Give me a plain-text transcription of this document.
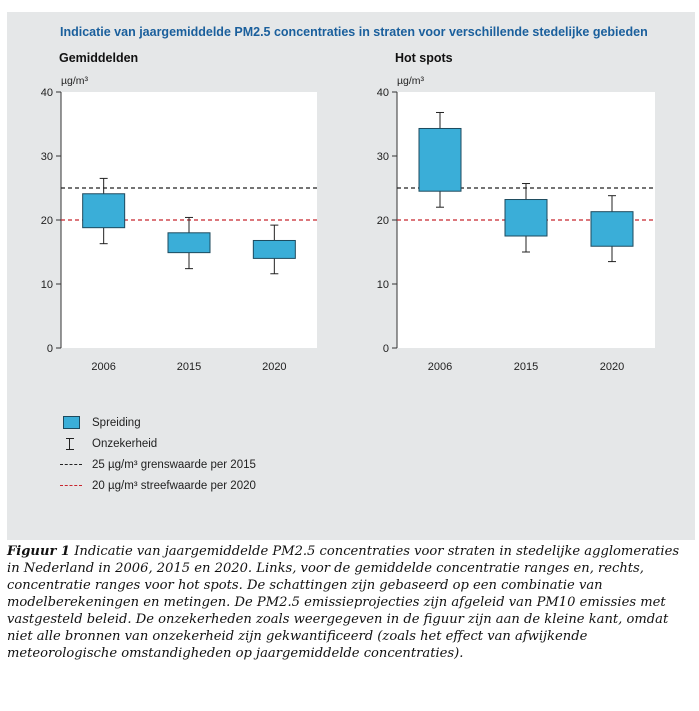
Indicatie van jaargemiddelde PM2.5 concentraties in straten voor verschillende stedelijke gebieden
Gemiddelden
µg/m³
0
10
20
30
40
2006	2015	2020
Hot spots
µg/m³
0
10
20
30
40
2006	2015	2020
Spreiding
Onzekerheid
25 µg/m³ grenswaarde per 2015
20 µg/m³ streefwaarde per 2020
Figuur 1 Indicatie van jaargemiddelde PM2.5 concentraties voor straten in stedelijke agglomeraties in Nederland in 2006, 2015 en 2020. Links, voor de gemiddelde concentratie ranges en, rechts, concentratie ranges voor hot spots. De schattingen zijn gebaseerd op een combinatie van modelberekeningen en metingen. De PM2.5 emissieprojecties zijn afgeleid van PM10 emissies met vastgesteld beleid. De onzekerheden zoals weergegeven in de figuur zijn aan de kleine kant, omdat niet alle bronnen van onzekerheid zijn gekwantificeerd (zoals het effect van afwijkende meteorologische omstandigheden op jaargemiddelde concentraties).
